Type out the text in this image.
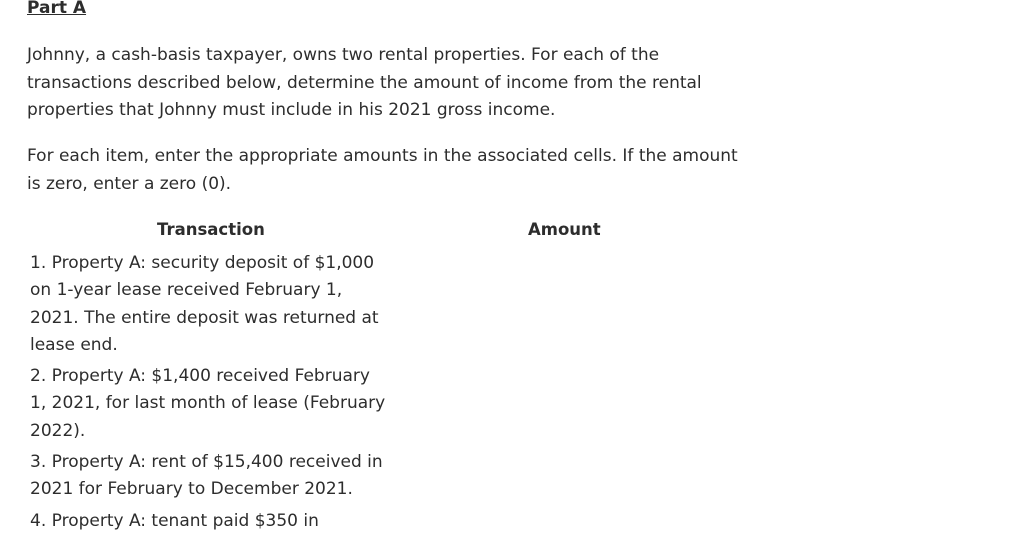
Part A

Johnny, a cash-basis taxpayer, owns two rental properties. For each of the transactions described below, determine the amount of income from the rental properties that Johnny must include in his 2021 gross income.

For each item, enter the appropriate amounts in the associated cells. If the amount is zero, enter a zero (0).

Transaction	Amount
1. Property A: security deposit of $1,000 on 1-year lease received February 1, 2021. The entire deposit was returned at lease end.
2. Property A: $1,400 received February 1, 2021, for last month of lease (February 2022).
3. Property A: rent of $15,400 received in 2021 for February to December 2021.
4. Property A: tenant paid $350 in
